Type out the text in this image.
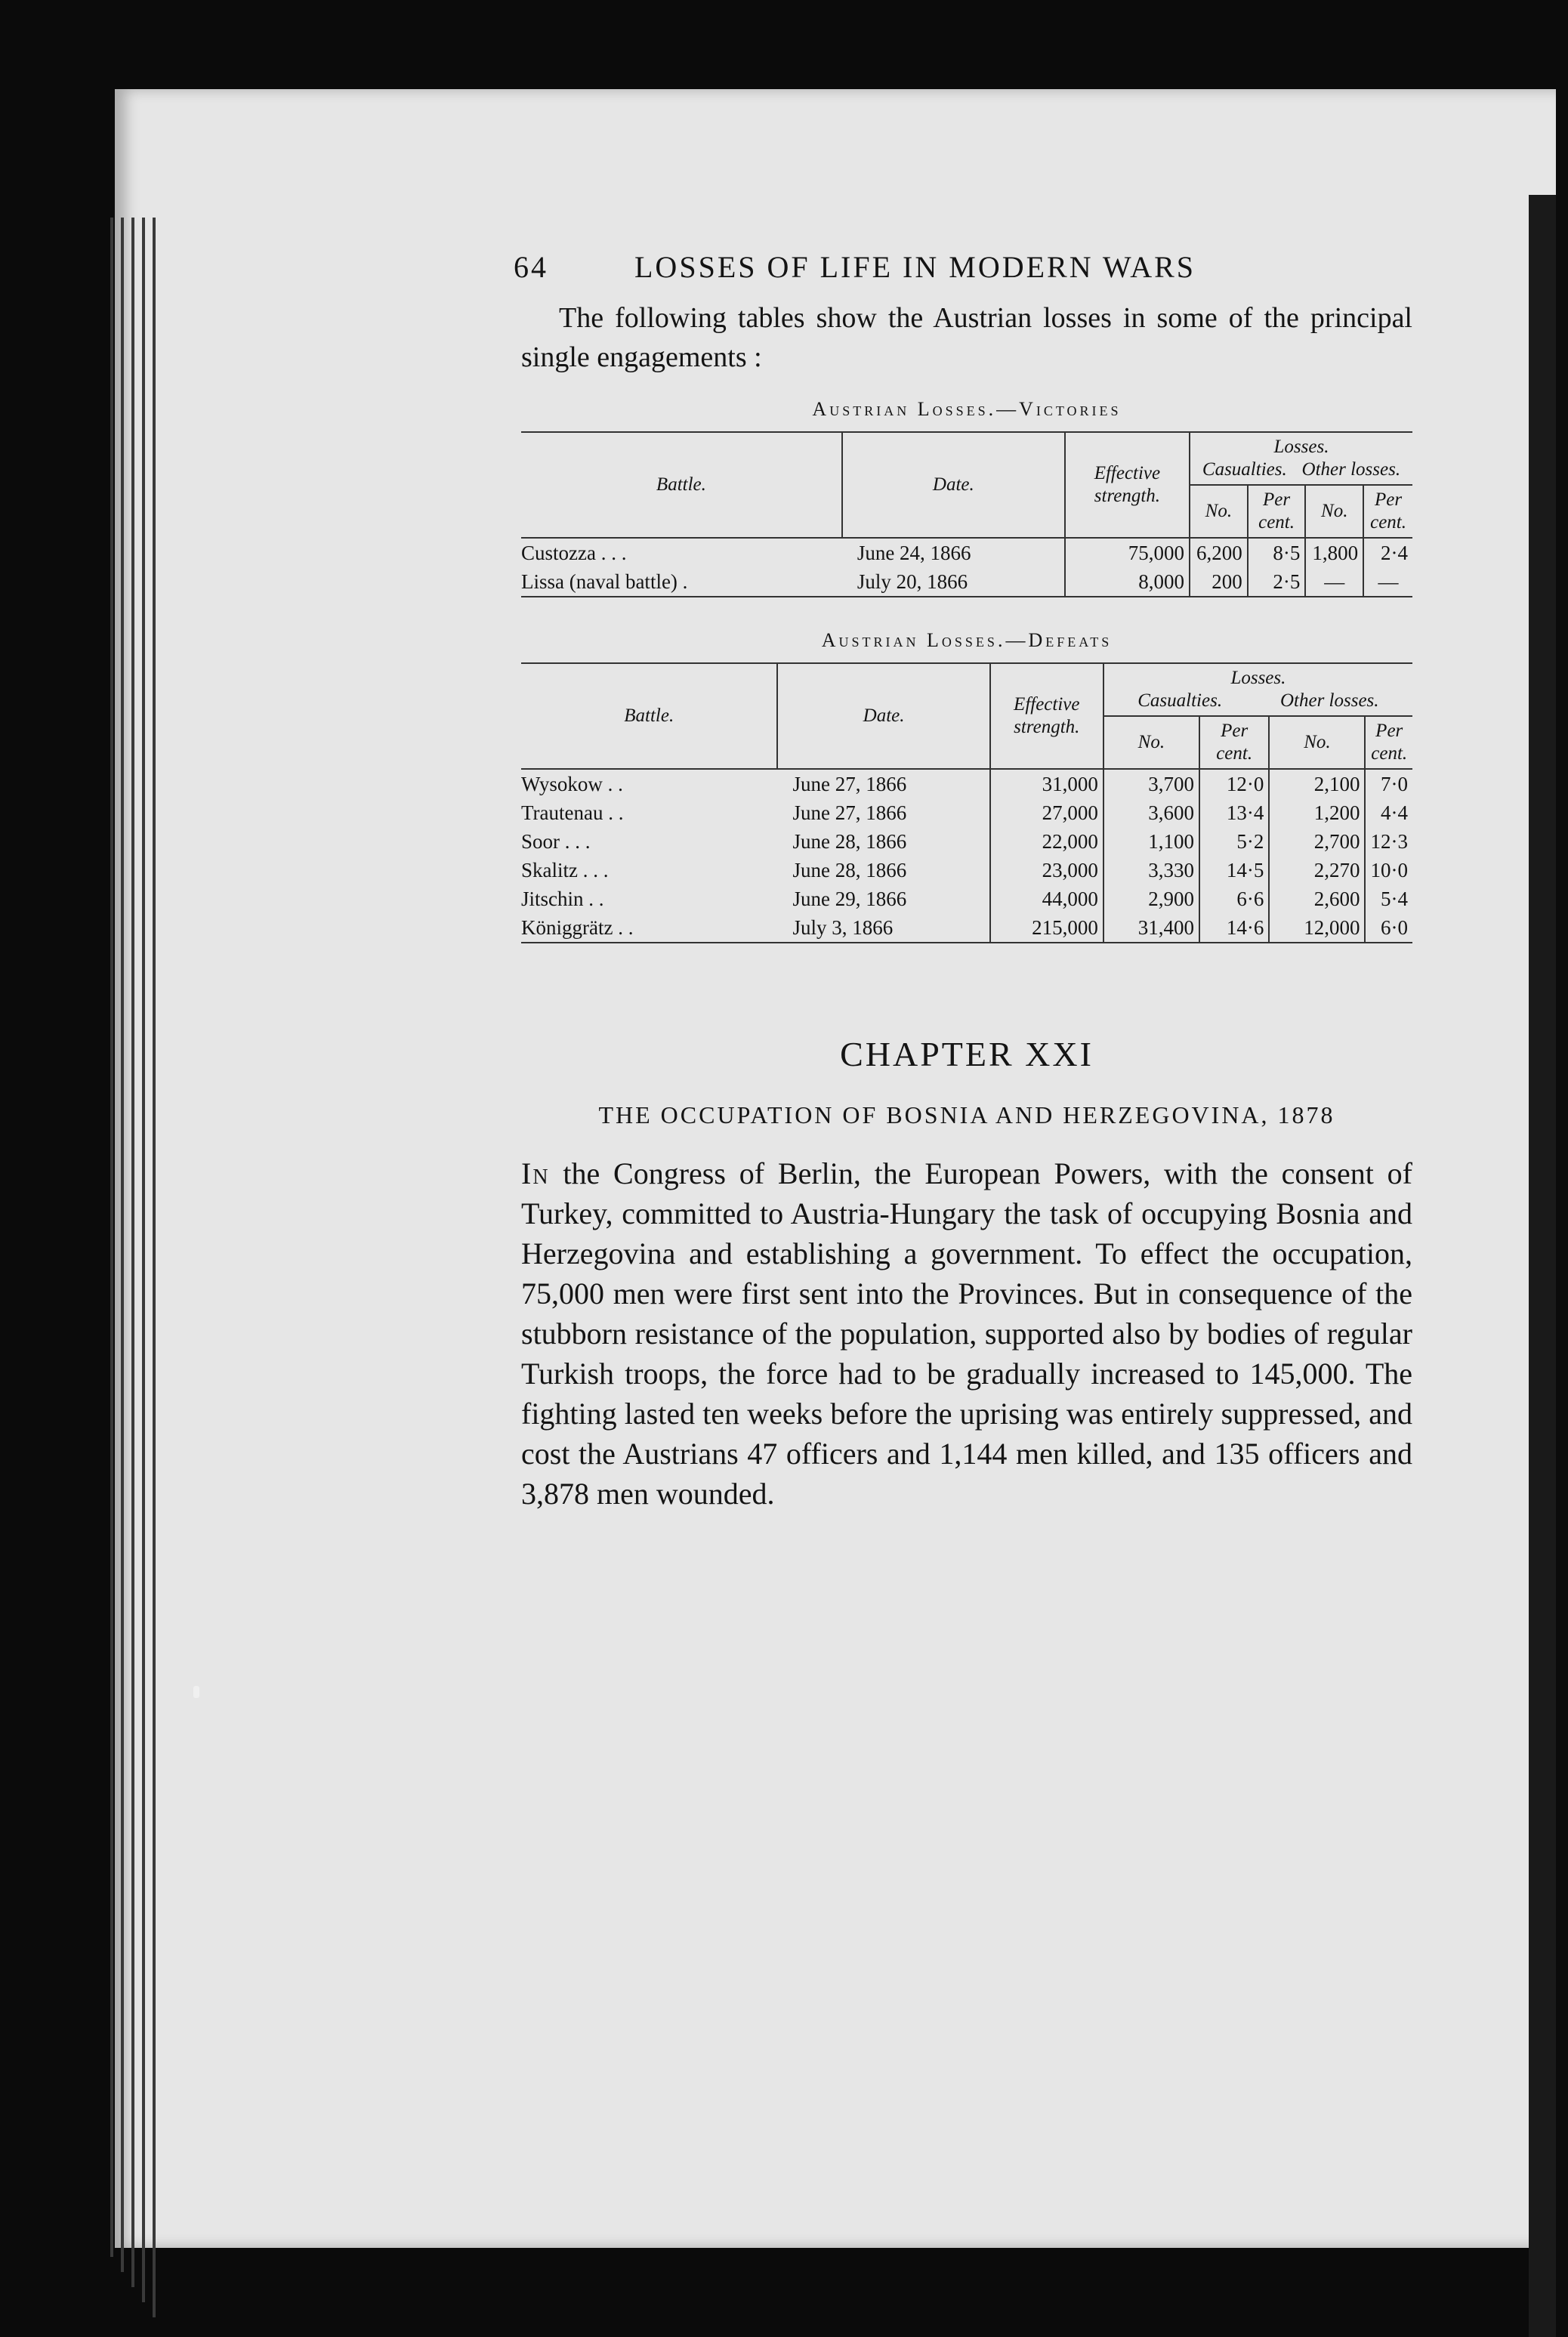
64	LOSSES OF LIFE IN MODERN WARS

The following tables show the Austrian losses in some of the principal single engagements :

Austrian Losses.—Victories
Battle.	Date.	Effective strength.	Losses.
Casualties. Other losses.			

			No.	Per cent.	No.	Per cent.
Custozza . . .	June 24, 1866	75,000	6,200	8·5	1,800	2·4
Lissa (naval battle) .	July 20, 1866	8,000	200	2·5	—	—
Austrian Losses.—Defeats
Battle.	Date.	Effective strength.	Losses.
Casualties. Other losses.			

			No.	Per cent.	No.	Per cent.
Wysokow . .	June 27, 1866	31,000	3,700	12·0	2,100	7·0
Trautenau . .	June 27, 1866	27,000	3,600	13·4	1,200	4·4
Soor . . .	June 28, 1866	22,000	1,100	5·2	2,700	12·3
Skalitz . . .	June 28, 1866	23,000	3,330	14·5	2,270	10·0
Jitschin . .	June 29, 1866	44,000	2,900	6·6	2,600	5·4
Königgrätz . .	July 3, 1866	215,000	31,400	14·6	12,000	6·0
CHAPTER XXI
THE OCCUPATION OF BOSNIA AND HERZEGOVINA, 1878

In the Congress of Berlin, the European Powers, with the consent of Turkey, committed to Austria-Hungary the task of occupying Bosnia and Herzegovina and establishing a government. To effect the occupation, 75,000 men were first sent into the Provinces. But in consequence of the stubborn resistance of the population, supported also by bodies of regular Turkish troops, the force had to be gradually increased to 145,000. The fighting lasted ten weeks before the uprising was entirely suppressed, and cost the Austrians 47 officers and 1,144 men killed, and 135 officers and 3,878 men wounded.
